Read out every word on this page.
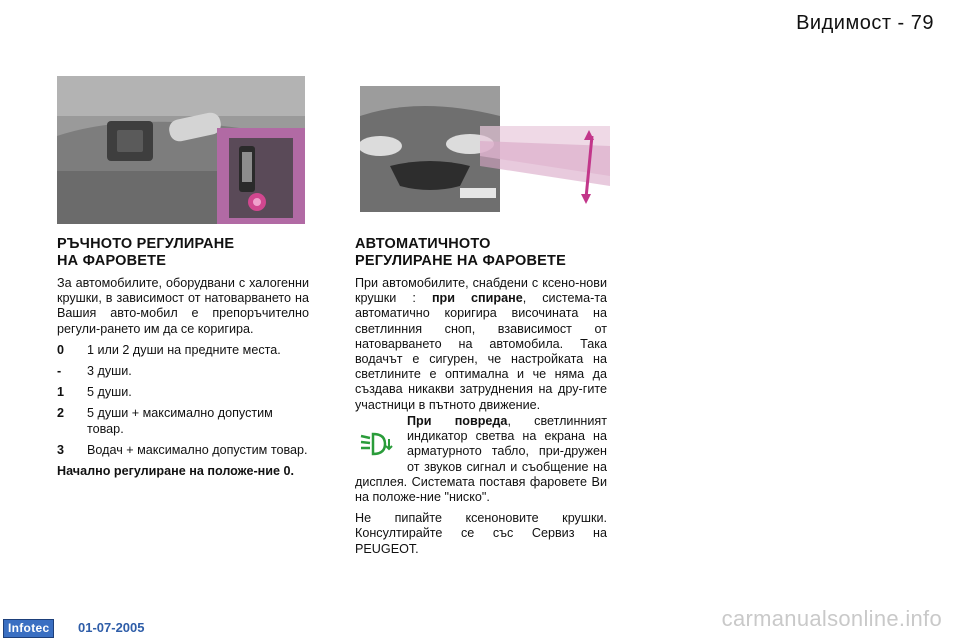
Видимост - 79
РЪЧНОТО РЕГУЛИРАНЕ
НА ФАРОВЕТЕ
АВТОМАТИЧНОТО
РЕГУЛИРАНЕ НА ФАРОВЕТЕ

За автомобилите, оборудвани с халогенни крушки, в зависимост от натоварването на Вашия авто-мобил е препоръчително регули-рането им да се коригира.

0	1 или 2 души на предните места.
-	3 души.
1	5 души.
2	5 души + максимално допустим товар.
3	Водач + максимално допустим товар.

Начално регулиране на положе-ние 0.

При автомобилите, снабдени с ксено-нови крушки : при спиране, система-та автоматично коригира височината на светлинния сноп, взависимост от натоварването на автомобила. Така водачът е сигурен, че настройката на светлините е оптимална и че няма да създава никакви затруднения на дру-гите участници в пътното движение.

При повреда, светлинният индикатор светва на екрана на арматурното табло, при-дружен от звуков сигнал и съобщение на дисплея. Системата поставя фаровете Ви на положе-ние "ниско".

Не пипайте ксеноновите крушки. Консултирайте се със Сервиз на PEUGEOT.

Infotec	01-07-2005	carmanualsonline.info
